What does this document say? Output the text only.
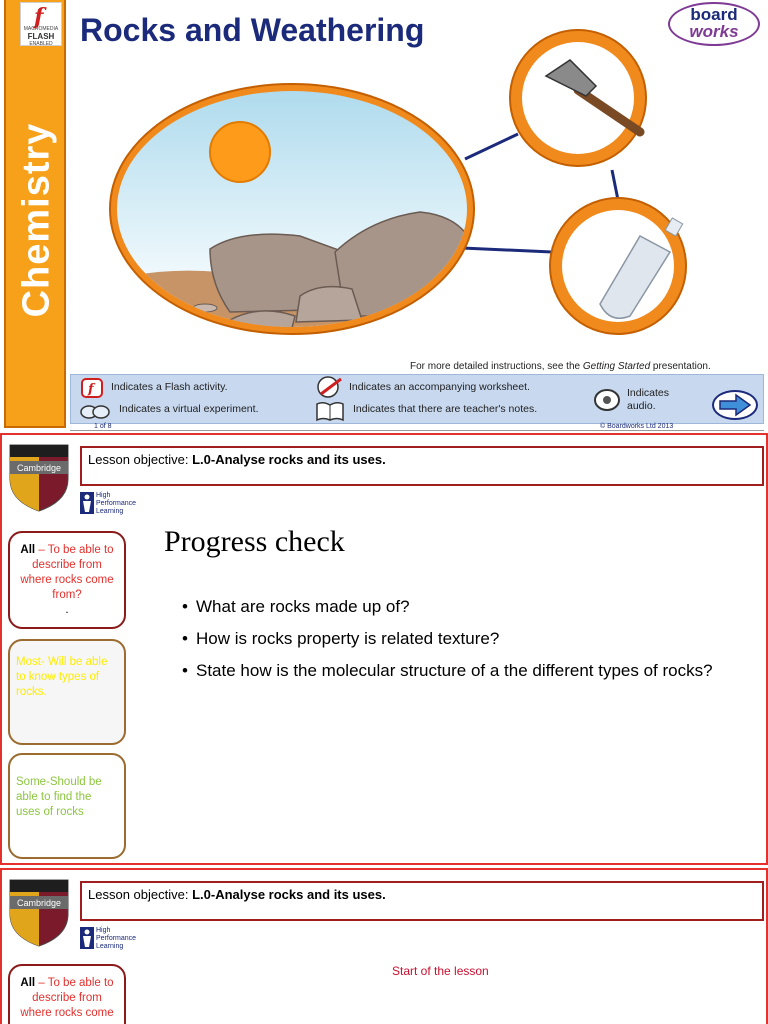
f
MACROMEDIA
FLASH
ENABLED
Chemistry
Rocks and Weathering	board
works
For more detailed instructions, see the Getting Started presentation.
f Indicates a Flash activity.
Indicates a virtual experiment.
Indicates an accompanying worksheet.
Indicates that there are teacher's notes.
Indicates audio.
1 of 8	© Boardworks Ltd 2013
Cambridge
Lesson objective: L.0-Analyse rocks and its uses.
High
Performance
Learning
All – To be able to describe from where rocks come from?
.
Most- Will be able to know types of rocks.
Some-Should be able to find the uses of rocks
Progress check
• What are rocks made up of?
• How is rocks property is related texture?
• State how is the molecular structure of a the different types of rocks?
Cambridge
Lesson objective: L.0-Analyse rocks and its uses.
High
Performance
Learning
All – To be able to describe from where rocks come
Start of the lesson
